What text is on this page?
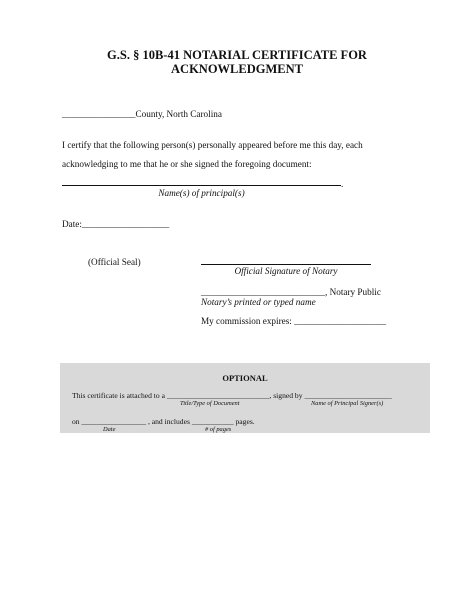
G.S. § 10B-41 NOTARIAL CERTIFICATE FOR
ACKNOWLEDGMENT
________________County, North Carolina
I certify that the following person(s) personally appeared before me this day, each
acknowledging to me that he or she signed the foregoing document:
.
Name(s) of principal(s)
Date:___________________
(Official Seal)
Official Signature of Notary
___________________________, Notary Public
Notary’s printed or typed name
My commission expires: ____________________
OPTIONAL
This certificate is attached to a ___________________________, signed by _______________________
Title/Type of Document	Name of Principal Signer(s)
on _________________ , and includes ___________ pages.
Date	# of pages
